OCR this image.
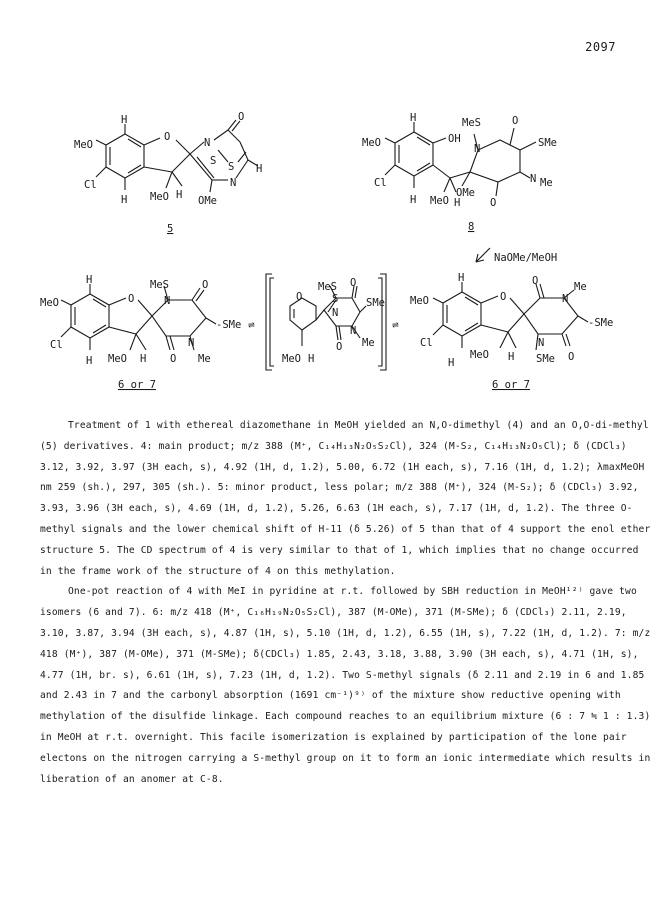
2097
H
MeO
Cl
H
O	N
O
S S H
N
MeO H OMe
5
H
MeO	OH
Cl
H
MeS
N
O
SMe
N Me
OMe
O
MeO H
8
NaOMe/MeOH
H
MeO
Cl
H
O
MeS
N
O
-SMe
O
N
Me
MeO H
6 or 7
⇌
O
MeS
S
O
SMe
N
N
Me
O
MeO H
⇌
H
MeO
Cl
H
O
O
N
Me
-SMe
N
SMe O
MeO H
6 or 7

Treatment of 1 with ethereal diazomethane in MeOH yielded an N,O-dimethyl (4) and an O,O-di-methyl (5) derivatives. 4: main product; m/z 388 (M⁺, C₁₄H₁₃N₂O₅S₂Cl), 324 (M-S₂, C₁₄H₁₃N₂O₅Cl); δ (CDCl₃) 3.12, 3.92, 3.97 (3H each, s), 4.92 (1H, d, 1.2), 5.00, 6.72 (1H each, s), 7.16 (1H, d, 1.2); λmaxMeOH nm 259 (sh.), 297, 305 (sh.). 5: minor product, less polar; m/z 388 (M⁺), 324 (M-S₂); δ (CDCl₃) 3.92, 3.93, 3.96 (3H each, s), 4.69 (1H, d, 1.2), 5.26, 6.63 (1H each, s), 7.17 (1H, d, 1.2). The three O-methyl signals and the lower chemical shift of H-11 (δ 5.26) of 5 than that of 4 support the enol ether structure 5. The CD spectrum of 4 is very similar to that of 1, which implies that no change occurred in the frame work of the structure of 4 on this methylation.

One-pot reaction of 4 with MeI in pyridine at r.t. followed by SBH reduction in MeOH¹²⁾ gave two isomers (6 and 7). 6: m/z 418 (M⁺, C₁₆H₁₉N₂O₅S₂Cl), 387 (M-OMe), 371 (M-SMe); δ (CDCl₃) 2.11, 2.19, 3.10, 3.87, 3.94 (3H each, s), 4.87 (1H, s), 5.10 (1H, d, 1.2), 6.55 (1H, s), 7.22 (1H, d, 1.2). 7: m/z 418 (M⁺), 387 (M-OMe), 371 (M-SMe); δ(CDCl₃) 1.85, 2.43, 3.18, 3.88, 3.90 (3H each, s), 4.71 (1H, s), 4.77 (1H, br. s), 6.61 (1H, s), 7.23 (1H, d, 1.2). Two S-methyl signals (δ 2.11 and 2.19 in 6 and 1.85 and 2.43 in 7 and the carbonyl absorption (1691 cm⁻¹)⁹⁾ of the mixture show reductive opening with methylation of the disulfide linkage. Each compound reaches to an equilibrium mixture (6 : 7 ≒ 1 : 1.3) in MeOH at r.t. overnight. This facile isomerization is explained by participation of the lone pair electons on the nitrogen carrying a S-methyl group on it to form an ionic intermediate which results in liberation of an anomer at C-8.
